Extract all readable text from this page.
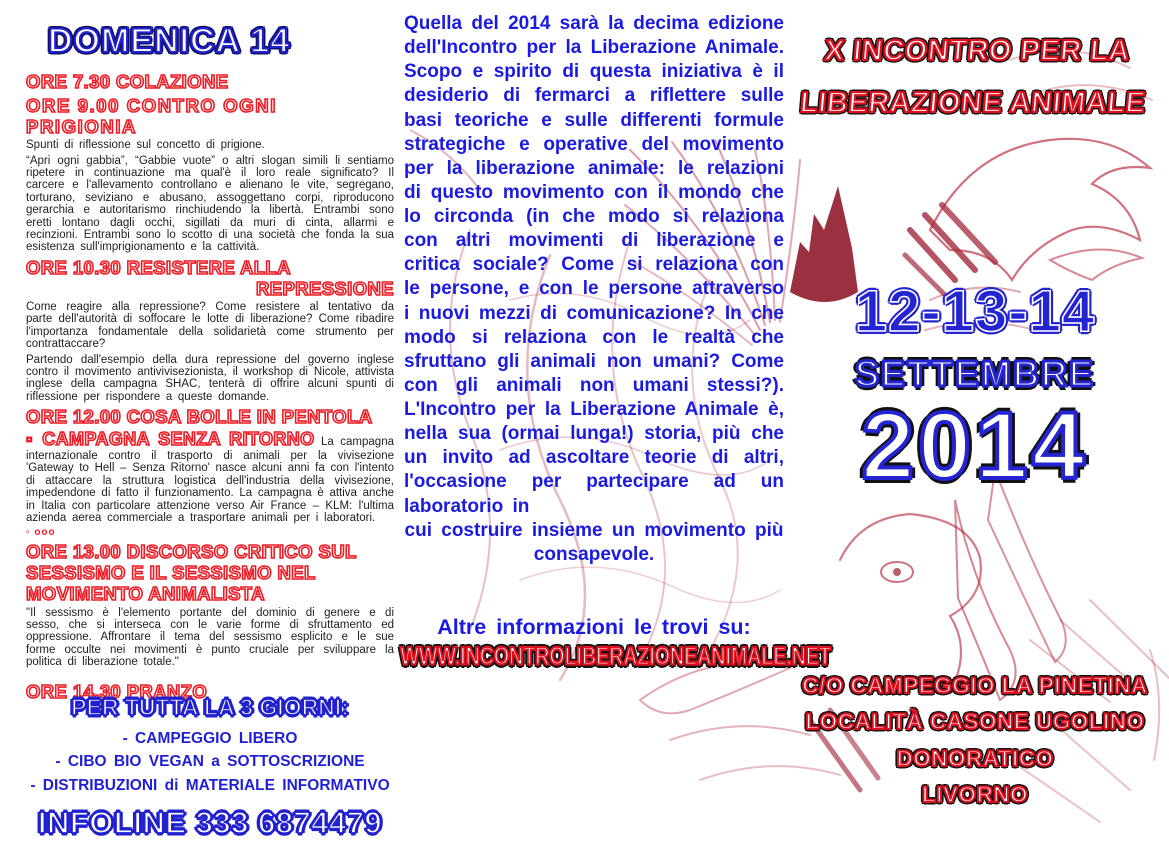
DOMENICA 14
ORE 7.30 COLAZIONE
ORE 9.00 CONTRO OGNI PRIGIONIA

Spunti di riflessione sul concetto di prigione.

“Apri ogni gabbia”, “Gabbie vuote” o altri slogan simili li sentiamo ripetere in continuazione ma qual'è il loro reale significato? Il carcere e l'allevamento controllano e alienano le vite, segregano, torturano, seviziano e abusano, assoggettano corpi, riproducono gerarchia e autoritarismo rinchiudendo la libertà. Entrambi sono eretti lontano dagli occhi, sigillati da muri di cinta, allarmi e recinzioni. Entrambi sono lo scotto di una società che fonda la sua esistenza sull'imprigionamento e la cattività.

ORE 10.30 RESISTERE ALLA
REPRESSIONE

Come reagire alla repressione? Come resistere al tentativo da parte dell'autorità di soffocare le lotte di liberazione? Come ribadire l'importanza fondamentale della solidarietà come strumento per contrattaccare?

Partendo dall'esempio della dura repressione del governo inglese contro il movimento antivivisezionista, il workshop di Nicole, attivista inglese della campagna SHAC, tenterà di offrire alcuni spunti di riflessione per rispondere a queste domande.

ORE 12.00 COSA BOLLE IN PENTOLA

▫ CAMPAGNA SENZA RITORNO La campagna internazionale contro il trasporto di animali per la vivisezione 'Gateway to Hell – Senza Ritorno' nasce alcuni anni fa con l'intento di attaccare la struttura logistica dell'industria della vivisezione, impedendone di fatto il funzionamento. La campagna è attiva anche in Italia con particolare attenzione verso Air France – KLM: l'ultima azienda aerea commerciale a trasportare animali per i laboratori.

▫ ooo
ORE 13.00 DISCORSO CRITICO SUL SESSISMO E IL SESSISMO NEL MOVIMENTO ANIMALISTA

"Il sessismo è l'elemento portante del dominio di genere e di sesso, che si interseca con le varie forme di sfruttamento ed oppressione. Affrontare il tema del sessismo esplicito e le sue forme occulte nei movimenti è punto cruciale per sviluppare la politica di liberazione totale."

ORE 14.30 PRANZO
PER TUTTA LA 3 GIORNI:
- CAMPEGGIO LIBERO
- CIBO BIO VEGAN a SOTTOSCRIZIONE
- DISTRIBUZIONI di MATERIALE INFORMATIVO
INFOLINE 333 6874479

Quella del 2014 sarà la decima edizione dell'Incontro per la Liberazione Animale. Scopo e spirito di questa iniziativa è il desiderio di fermarci a riflettere sulle basi teoriche e sulle differenti formule strategiche e operative del movimento per la liberazione animale: le relazioni di questo movimento con il mondo che lo circonda (in che modo si relaziona con altri movimenti di liberazione e critica sociale? Come si relaziona con le persone, e con le persone attraverso i nuovi mezzi di comunicazione? In che modo si relaziona con le realtà che sfruttano gli animali non umani? Come con gli animali non umani stessi?). L'Incontro per la Liberazione Animale è, nella sua (ormai lunga!) storia, più che un invito ad ascoltare teorie di altri, l'occasione per partecipare ad un laboratorio in

cui costruire insieme un movimento più consapevole.

Altre informazioni le trovi su:
WWW.INCONTROLIBERAZIONEANIMALE.NET
X INCONTRO PER LA
LIBERAZIONE ANIMALE
12-13-14
SETTEMBRE
2014
C/O CAMPEGGIO LA PINETINA
LOCALITÀ CASONE UGOLINO
DONORATICO
LIVORNO
